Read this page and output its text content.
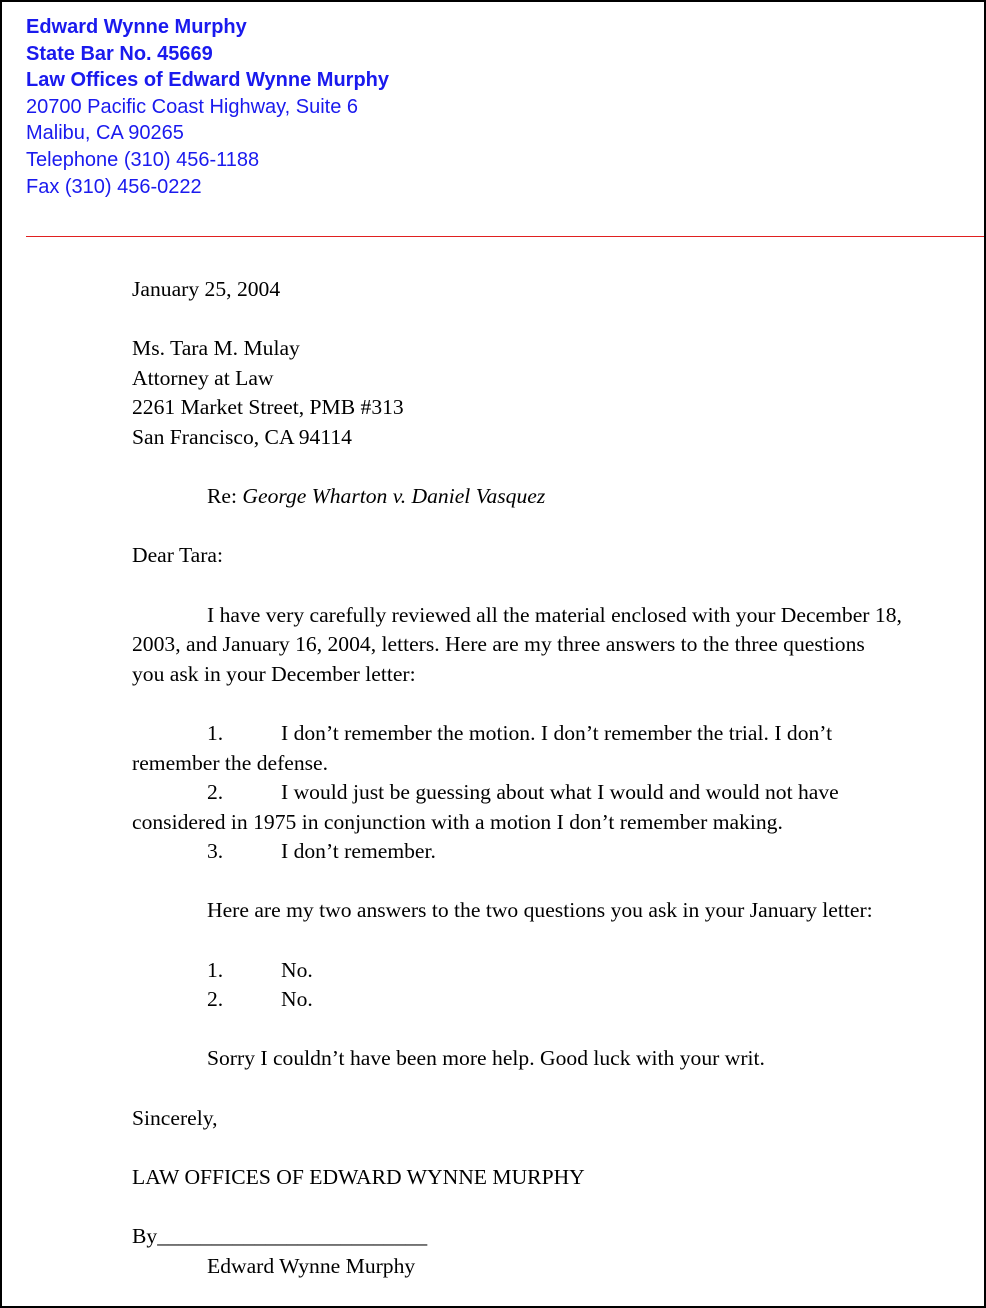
Edward Wynne Murphy
State Bar No. 45669
Law Offices of Edward Wynne Murphy
20700 Pacific Coast Highway, Suite 6
Malibu, CA 90265
Telephone (310) 456-1188
Fax (310) 456-0222
January 25, 2004
Ms. Tara M. Mulay
Attorney at Law
2261 Market Street, PMB #313
San Francisco, CA 94114
Re: George Wharton v. Daniel Vasquez
Dear Tara:
I have very carefully reviewed all the material enclosed with your December 18,
2003, and January 16, 2004, letters. Here are my three answers to the three questions
you ask in your December letter:
1.	I don’t remember the motion. I don’t remember the trial. I don’t
remember the defense.
2.	I would just be guessing about what I would and would not have
considered in 1975 in conjunction with a motion I don’t remember making.
3.	I don’t remember.
Here are my two answers to the two questions you ask in your January letter:
1.	No.
2.	No.
Sorry I couldn’t have been more help. Good luck with your writ.
Sincerely,
LAW OFFICES OF EDWARD WYNNE MURPHY
By_________________________
Edward Wynne Murphy
